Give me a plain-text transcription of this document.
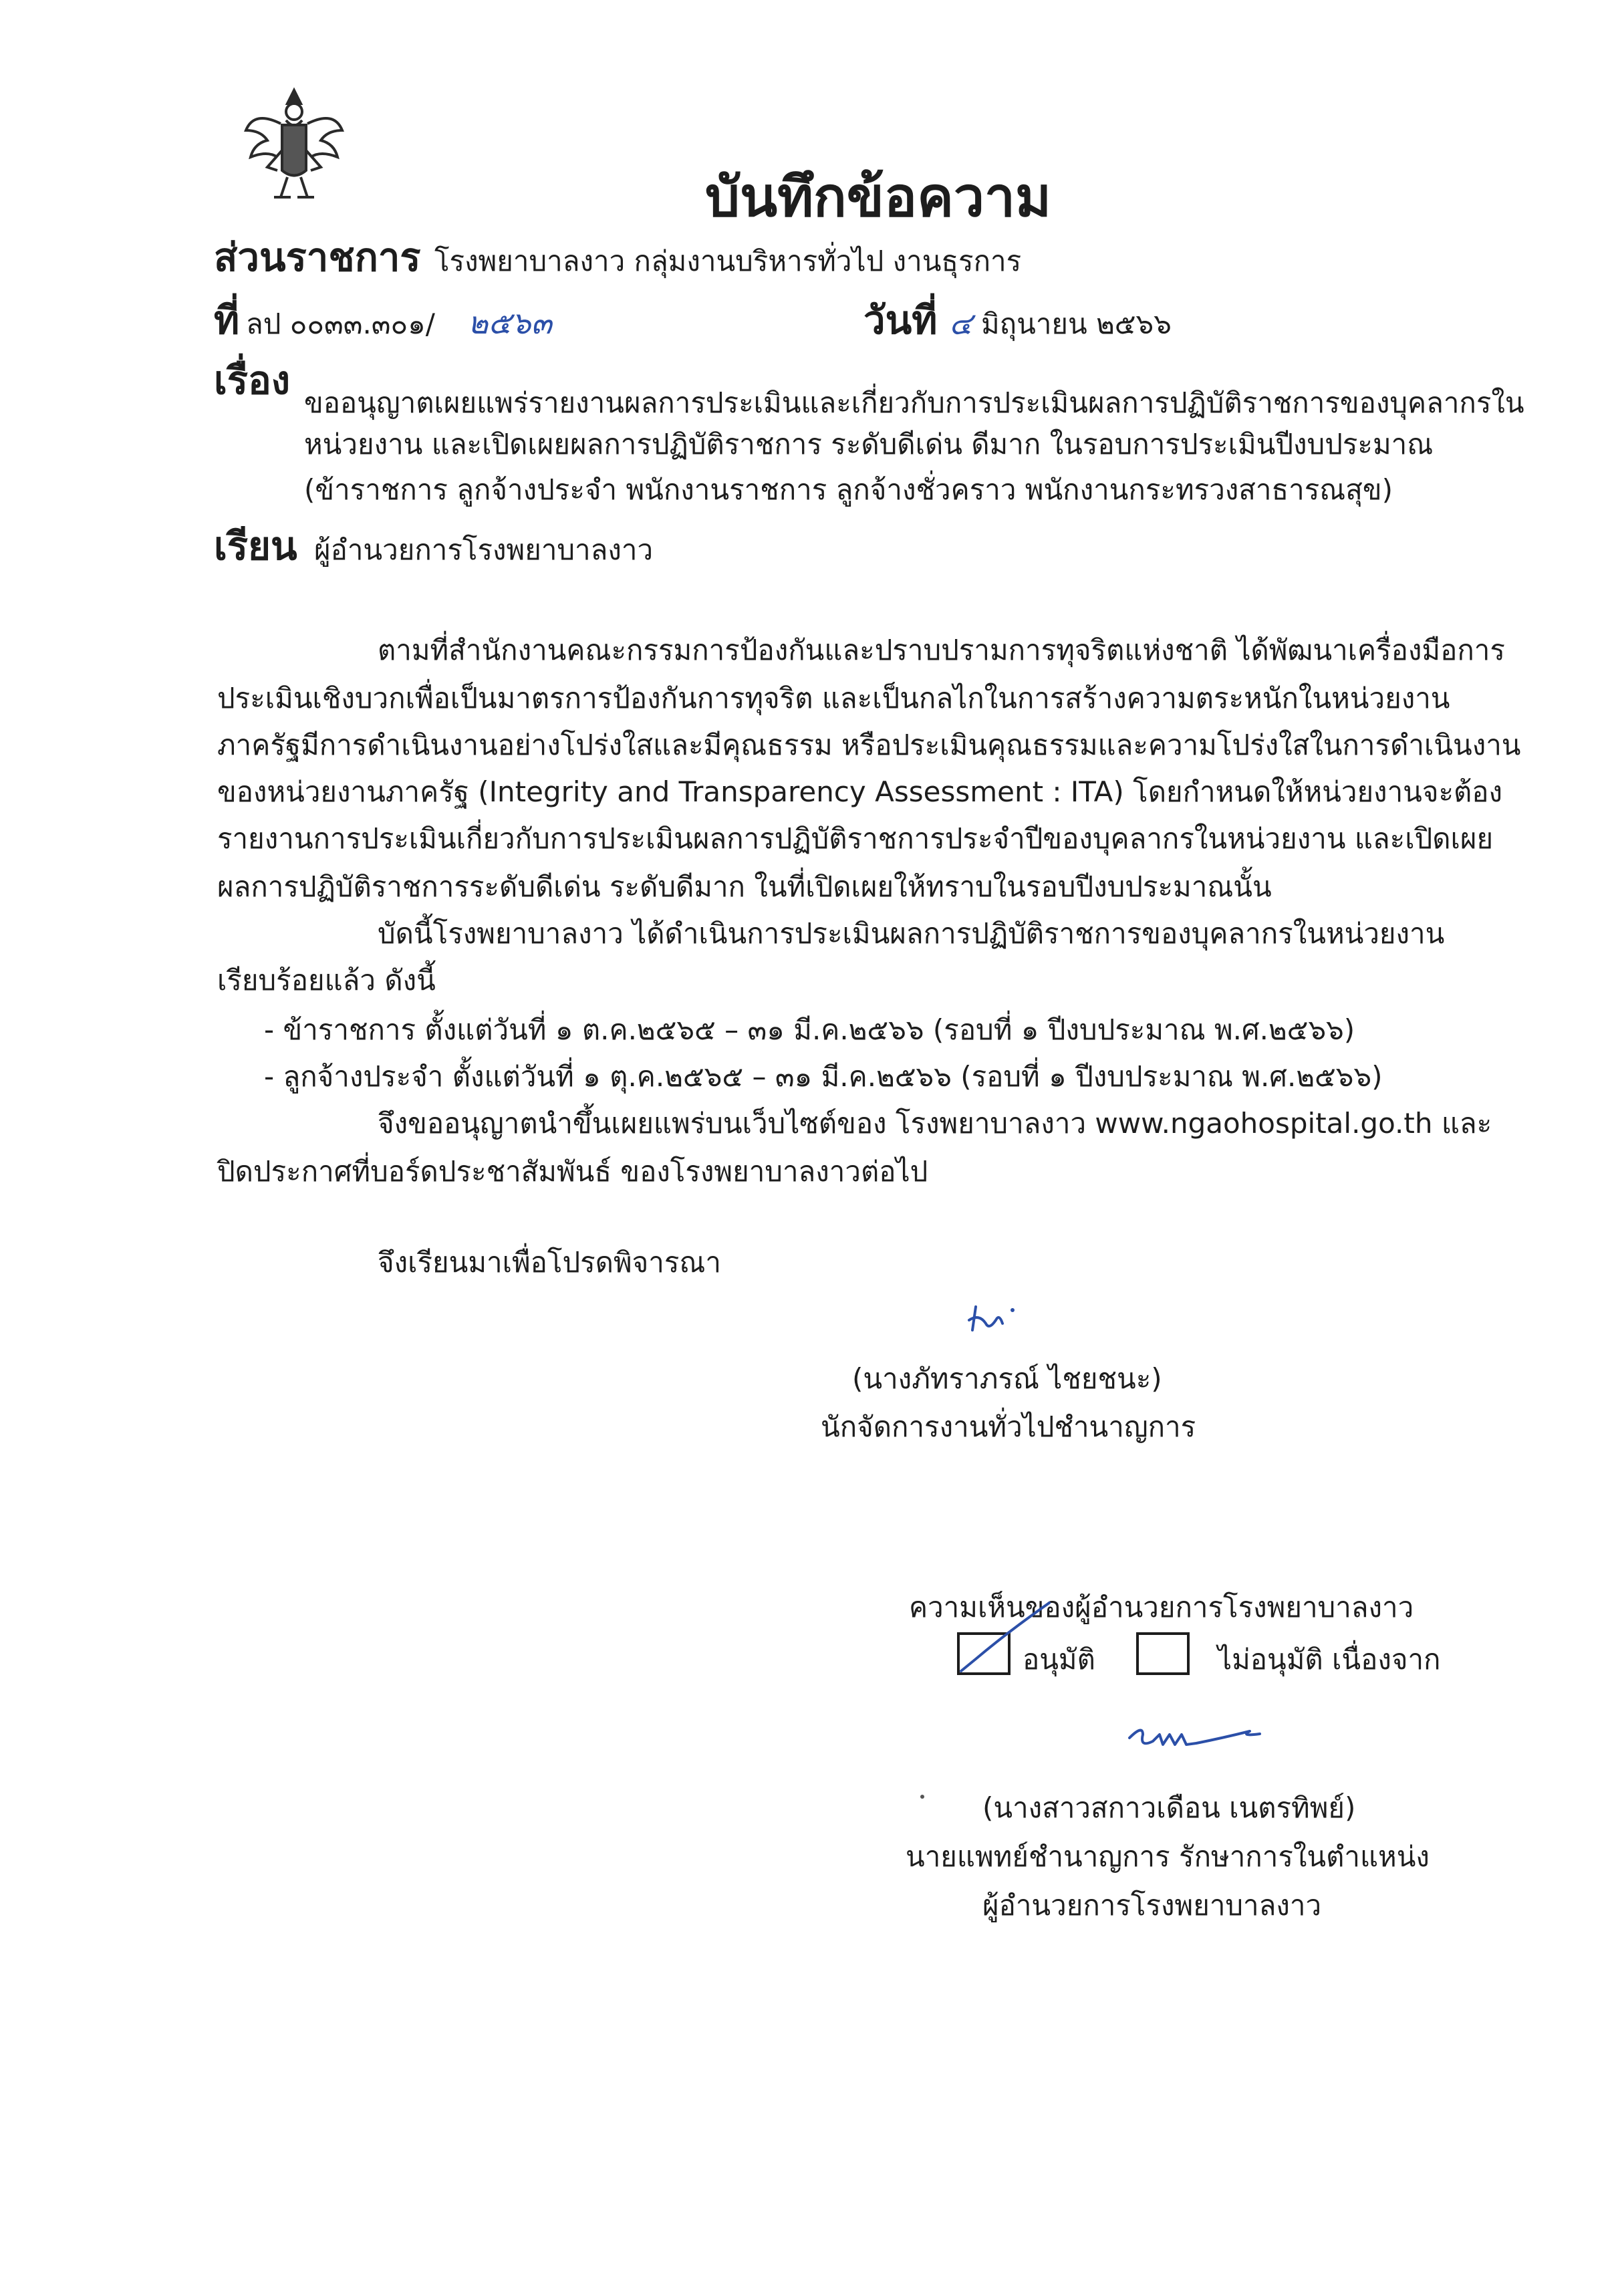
บันทึกข้อความ
ส่วนราชการ โรงพยาบาลงาว กลุ่มงานบริหารทั่วไป งานธุรการ
ที่ ลป ๐๐๓๓.๓๐๑/ ๒๕๖๓	วันที่ ๔ มิถุนายน ๒๕๖๖
เรื่อง ขออนุญาตเผยแพร่รายงานผลการประเมินและเกี่ยวกับการประเมินผลการปฏิบัติราชการของบุคลากรใน
หน่วยงาน และเปิดเผยผลการปฏิบัติราชการ ระดับดีเด่น ดีมาก ในรอบการประเมินปีงบประมาณ
(ข้าราชการ ลูกจ้างประจำ พนักงานราชการ ลูกจ้างชั่วคราว พนักงานกระทรวงสาธารณสุข)
เรียน ผู้อำนวยการโรงพยาบาลงาว
ตามที่สำนักงานคณะกรรมการป้องกันและปราบปรามการทุจริตแห่งชาติ ได้พัฒนาเครื่องมือการ
ประเมินเชิงบวกเพื่อเป็นมาตรการป้องกันการทุจริต และเป็นกลไกในการสร้างความตระหนักในหน่วยงาน
ภาครัฐมีการดำเนินงานอย่างโปร่งใสและมีคุณธรรม หรือประเมินคุณธรรมและความโปร่งใสในการดำเนินงาน
ของหน่วยงานภาครัฐ (Integrity and Transparency Assessment : ITA) โดยกำหนดให้หน่วยงานจะต้อง
รายงานการประเมินเกี่ยวกับการประเมินผลการปฏิบัติราชการประจำปีของบุคลากรในหน่วยงาน และเปิดเผย
ผลการปฏิบัติราชการระดับดีเด่น ระดับดีมาก ในที่เปิดเผยให้ทราบในรอบปีงบประมาณนั้น
บัดนี้โรงพยาบาลงาว ได้ดำเนินการประเมินผลการปฏิบัติราชการของบุคลากรในหน่วยงาน
เรียบร้อยแล้ว ดังนี้
- ข้าราชการ ตั้งแต่วันที่ ๑ ต.ค.๒๕๖๕ – ๓๑ มี.ค.๒๕๖๖ (รอบที่ ๑ ปีงบประมาณ พ.ศ.๒๕๖๖)
- ลูกจ้างประจำ ตั้งแต่วันที่ ๑ ตุ.ค.๒๕๖๕ – ๓๑ มี.ค.๒๕๖๖ (รอบที่ ๑ ปีงบประมาณ พ.ศ.๒๕๖๖)
จึงขออนุญาตนำขึ้นเผยแพร่บนเว็บไซต์ของ โรงพยาบาลงาว www.ngaohospital.go.th และ
ปิดประกาศที่บอร์ดประชาสัมพันธ์ ของโรงพยาบาลงาวต่อไป
จึงเรียนมาเพื่อโปรดพิจารณา
(นางภัทราภรณ์ ไชยชนะ)
นักจัดการงานทั่วไปชำนาญการ
ความเห็นของผู้อำนวยการโรงพยาบาลงาว
อนุมัติ	ไม่อนุมัติ เนื่องจาก
(นางสาวสกาวเดือน เนตรทิพย์)
นายแพทย์ชำนาญการ รักษาการในตำแหน่ง
ผู้อำนวยการโรงพยาบาลงาว
